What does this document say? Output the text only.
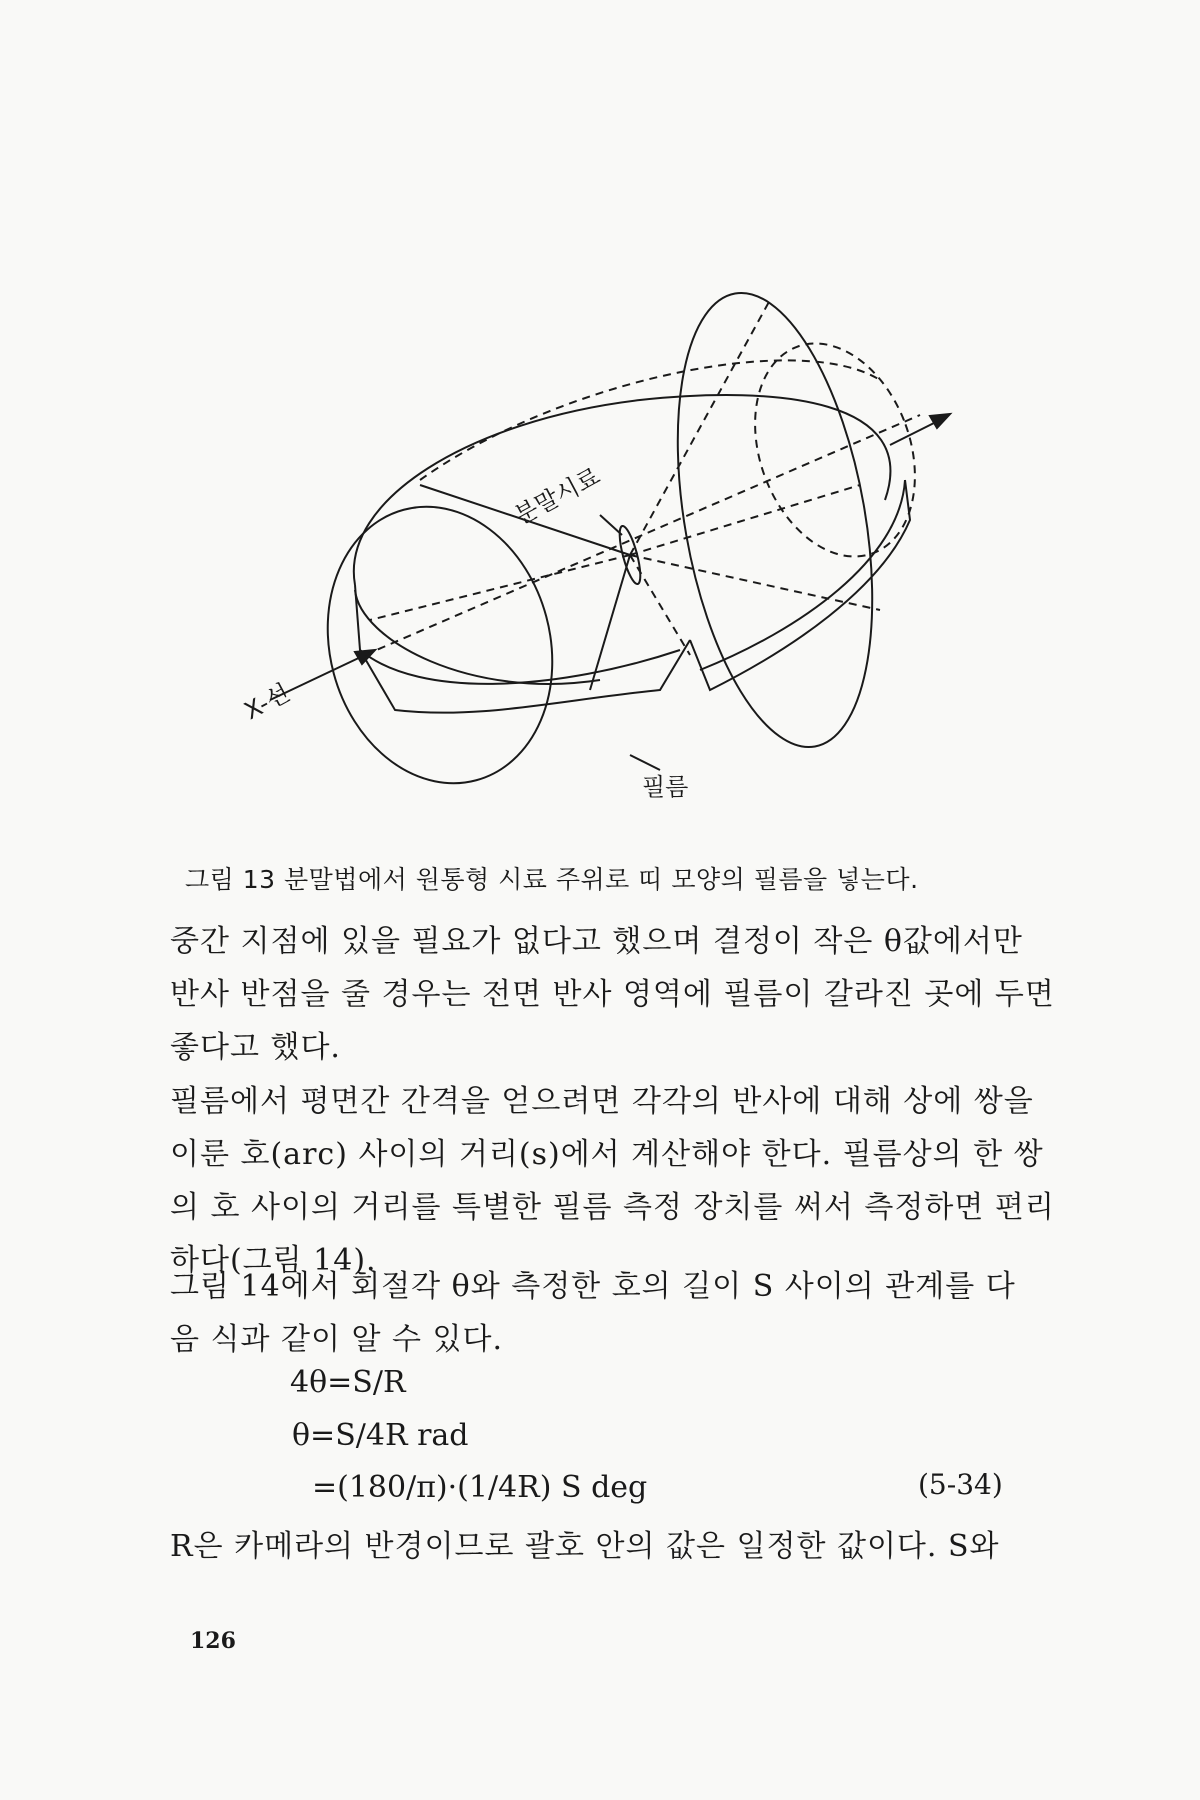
분말시료
X-선
필름
그림 13 분말법에서 원통형 시료 주위로 띠 모양의 필름을 넣는다.
중간 지점에 있을 필요가 없다고 했으며 결정이 작은 θ값에서만
반사 반점을 줄 경우는 전면 반사 영역에 필름이 갈라진 곳에 두면
좋다고 했다.
필름에서 평면간 간격을 얻으려면 각각의 반사에 대해 상에 쌍을
이룬 호(arc) 사이의 거리(s)에서 계산해야 한다. 필름상의 한 쌍
의 호 사이의 거리를 특별한 필름 측정 장치를 써서 측정하면 편리
하다(그림 14).
그림 14에서 회절각 θ와 측정한 호의 길이 S 사이의 관계를 다
음 식과 같이 알 수 있다.
4θ=S/R
θ=S/4R rad
=(180/π)·(1/4R) S deg	(5-34)
R은 카메라의 반경이므로 괄호 안의 값은 일정한 값이다. S와
126
